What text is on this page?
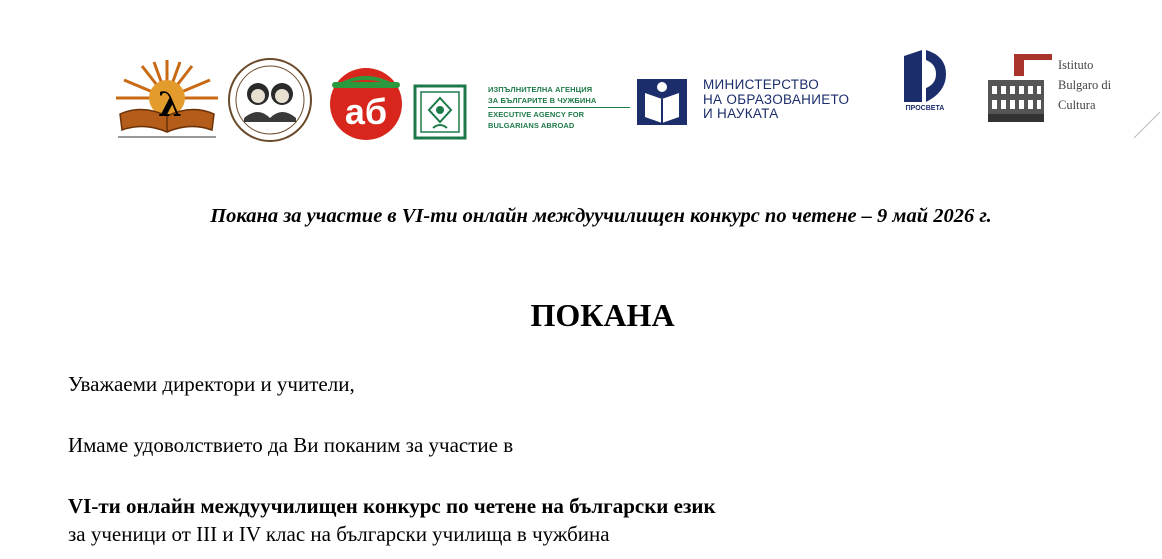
λ	аб
ИЗПЪЛНИТЕЛНА АГЕНЦИЯ
ЗА БЪЛГАРИТЕ В ЧУЖБИНА
EXECUTIVE AGENCY FOR
BULGARIANS ABROAD
МИНИСТЕРСТВО
НА ОБРАЗОВАНИЕТО
И НАУКАТА	ПРОСВЕТА
Istituto
Bulgaro di
Cultura
Покана за участие в VI-ти онлайн междуучилищен конкурс по четене – 9 май 2026 г.
ПОКАНА
Уважаеми директори и учители,
Имаме удоволствието да Ви поканим за участие в
VI-ти онлайн междуучилищен конкурс по четене на български език
за ученици от III и IV клас на български училища в чужбина
